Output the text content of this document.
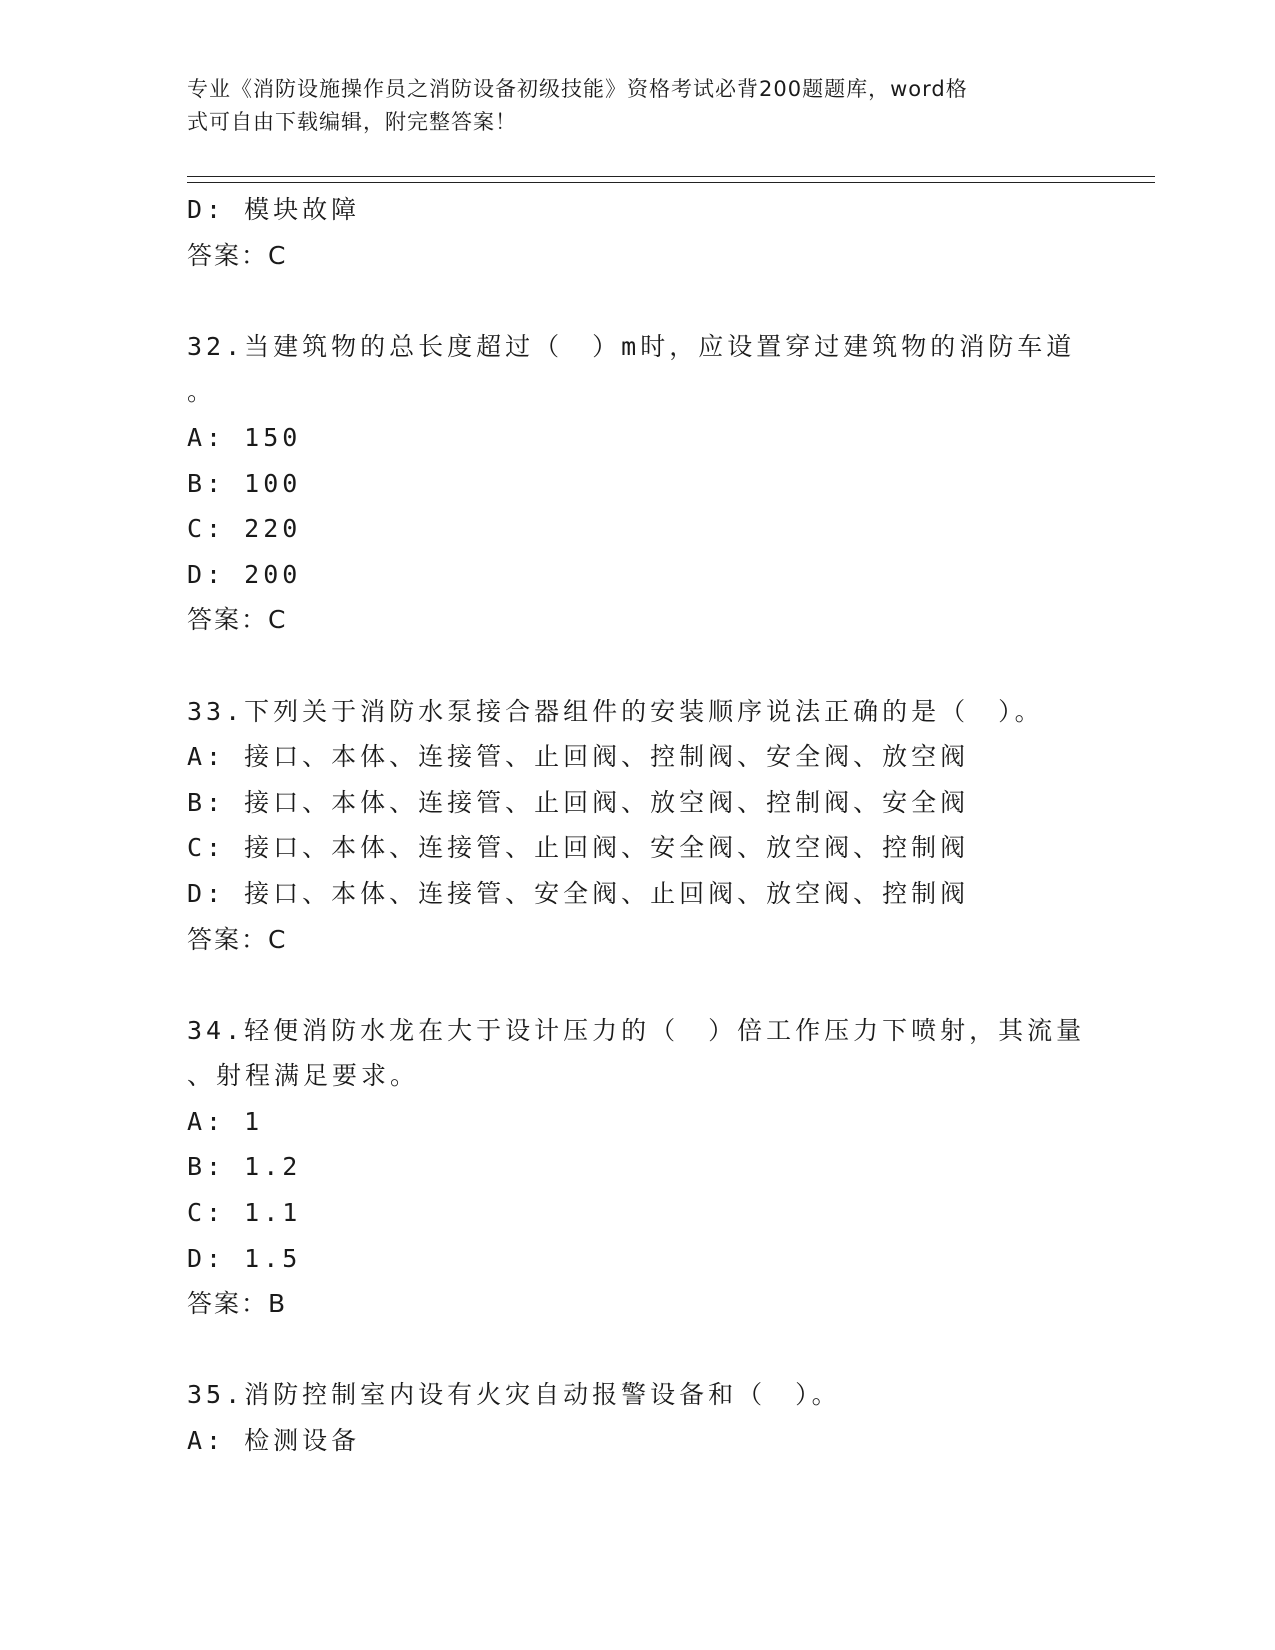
专业《消防设施操作员之消防设备初级技能》资格考试必背200题题库，word格
式可自由下载编辑，附完整答案！
D: 模块故障
答案：C
32.当建筑物的总长度超过（　）m时，应设置穿过建筑物的消防车道
。
A: 150
B: 100
C: 220
D: 200
答案：C
33.下列关于消防水泵接合器组件的安装顺序说法正确的是（　）。
A: 接口、本体、连接管、止回阀、控制阀、安全阀、放空阀
B: 接口、本体、连接管、止回阀、放空阀、控制阀、安全阀
C: 接口、本体、连接管、止回阀、安全阀、放空阀、控制阀
D: 接口、本体、连接管、安全阀、止回阀、放空阀、控制阀
答案：C
34.轻便消防水龙在大于设计压力的（　）倍工作压力下喷射，其流量
、射程满足要求。
A: 1
B: 1.2
C: 1.1
D: 1.5
答案：B
35.消防控制室内设有火灾自动报警设备和（　）。
A: 检测设备
